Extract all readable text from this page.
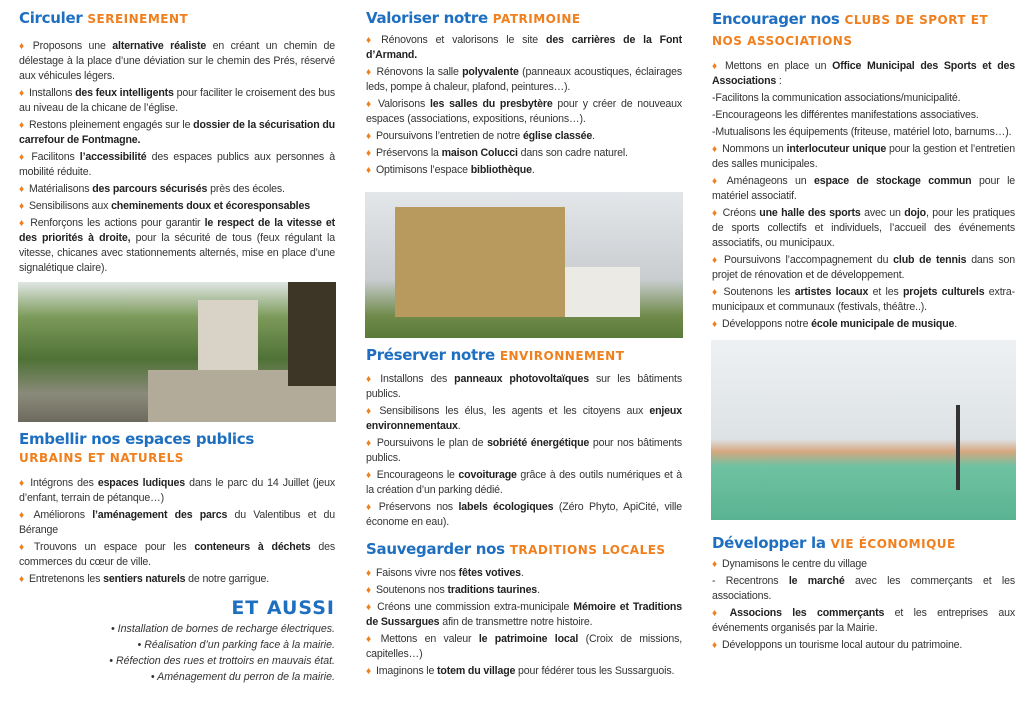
Circuler SEREINEMENT

♦ Proposons une alternative réaliste en créant un chemin de délestage à la place d’une déviation sur le chemin des Prés, réservé aux véhicules légers.

♦ Installons des feux intelligents pour faciliter le croisement des bus au niveau de la chicane de l’église.

♦ Restons pleinement engagés sur le dossier de la sécurisation du carrefour de Fontmagne.

♦ Facilitons l’accessibilité des espaces publics aux personnes à mobilité réduite.

♦ Matérialisons des parcours sécurisés près des écoles.

♦ Sensibilisons aux cheminements doux et écoresponsables

♦ Renforçons les actions pour garantir le respect de la vitesse et des priorités à droite, pour la sécurité de tous (feux régulant la vitesse, chicanes avec stationnements alternés, mise en place d’une signalétique claire).

Embellir nos espaces publics
URBAINS ET NATURELS

♦ Intégrons des espaces ludiques dans le parc du 14 Juillet (jeux d’enfant, terrain de pétanque…)

♦ Améliorons l’aménagement des parcs du Valentibus et du Bérange

♦ Trouvons un espace pour les conteneurs à déchets des commerces du cœur de ville.

♦ Entretenons les sentiers naturels de notre garrigue.

ET AUSSI

• Installation de bornes de recharge électriques.

• Réalisation d’un parking face à la mairie.

• Réfection des rues et trottoirs en mauvais état.

• Aménagement du perron de la mairie.

Valoriser notre PATRIMOINE

♦ Rénovons et valorisons le site des carrières de la Font d’Armand.

♦ Rénovons la salle polyvalente (panneaux acoustiques, éclairages leds, pompe à chaleur, plafond, peintures…).

♦ Valorisons les salles du presbytère pour y créer de nouveaux espaces (associations, expositions, réunions…).

♦ Poursuivons l’entretien de notre église classée.

♦ Préservons la maison Colucci dans son cadre naturel.

♦ Optimisons l’espace bibliothèque.

Préserver notre ENVIRONNEMENT

♦ Installons des panneaux photovoltaïques sur les bâtiments publics.

♦ Sensibilisons les élus, les agents et les citoyens aux enjeux environnementaux.

♦ Poursuivons le plan de sobriété énergétique pour nos bâtiments publics.

♦ Encourageons le covoiturage grâce à des outils numériques et à la création d’un parking dédié.

♦ Préservons nos labels écologiques (Zéro Phyto, ApiCité, ville économe en eau).

Sauvegarder nos TRADITIONS LOCALES

♦ Faisons vivre nos fêtes votives.

♦ Soutenons nos traditions taurines.

♦ Créons une commission extra-municipale Mémoire et Traditions de Sussargues afin de transmettre notre histoire.

♦ Mettons en valeur le patrimoine local (Croix de missions, capitelles…)

♦ Imaginons le totem du village pour fédérer tous les Sussarguois.

Encourager nos CLUBS DE SPORT ET NOS ASSOCIATIONS

♦ Mettons en place un Office Municipal des Sports et des Associations :

-Facilitons la communication associations/municipalité.

-Encourageons les différentes manifestations associatives.

-Mutualisons les équipements (friteuse, matériel loto, barnums…).

♦ Nommons un interlocuteur unique pour la gestion et l’entretien des salles municipales.

♦ Aménageons un espace de stockage commun pour le matériel associatif.

♦ Créons une halle des sports avec un dojo, pour les pratiques de sports collectifs et individuels, l’accueil des événements associatifs, ou municipaux.

♦ Poursuivons l’accompagnement du club de tennis dans son projet de rénovation et de développement.

♦ Soutenons les artistes locaux et les projets culturels extra-municipaux et communaux (festivals, théâtre..).

♦ Développons notre école municipale de musique.

Développer la VIE ÉCONOMIQUE

♦ Dynamisons le centre du village

- Recentrons le marché avec les commerçants et les associations.

♦ Associons les commerçants et les entreprises aux événements organisés par la Mairie.

♦ Développons un tourisme local autour du patrimoine.
